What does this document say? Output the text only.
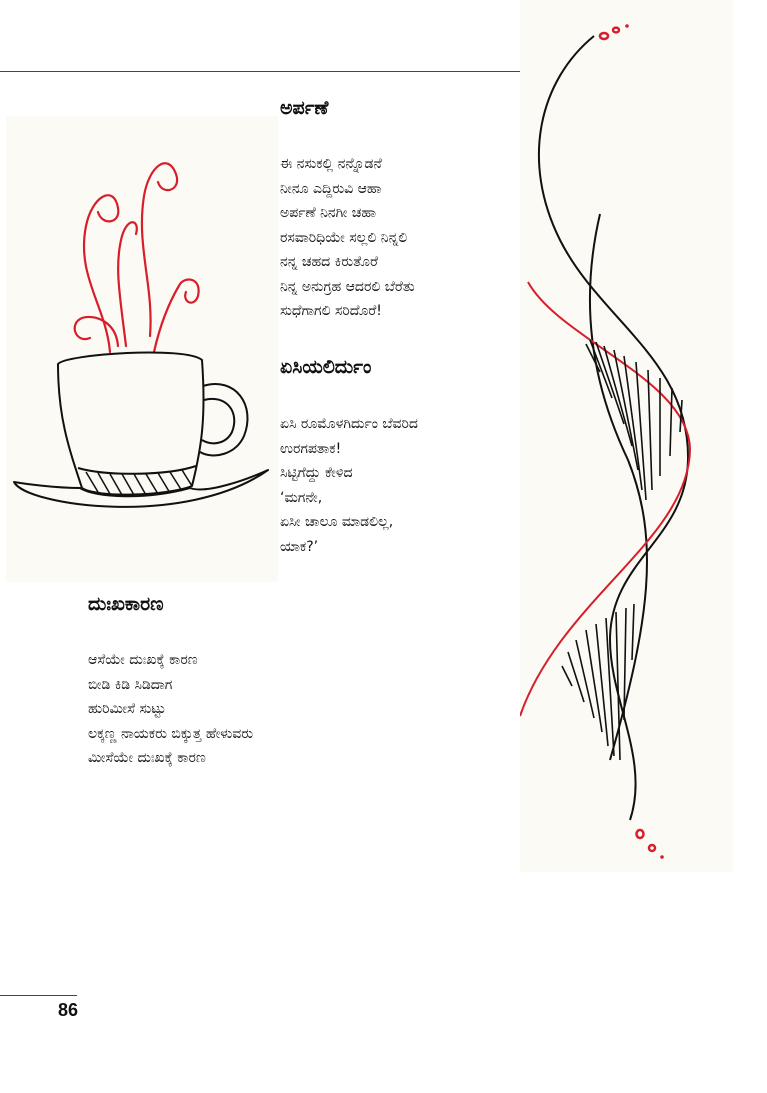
ಅರ್ಪಣೆ
ಈ ನಸುಕಲ್ಲಿ ನನ್ನೊಡನೆ
ನೀನೂ ಎದ್ದಿರುವಿ ಆಹಾ
ಅರ್ಪಣೆ ನಿನಗೀ ಚಹಾ
ರಸವಾರಿಧಿಯೇ ಸಲ್ಲಲಿ ನಿನ್ನಲಿ
ನನ್ನ ಚಹದ ಕಿರುತೊರೆ
ನಿನ್ನ ಅನುಗ್ರಹ ಆದರಲಿ ಬೆರೆತು
ಸುಧೆಗಾಗಲಿ ಸರಿದೊರೆ!
ಏಸಿಯಲಿರ್ದುಂ
ಏಸಿ ರೂಮೊಳಗಿರ್ದುಂ ಬೆವರಿದ
ಉರಗಪತಾಕ!
ಸಿಟ್ಟಿಗೆದ್ದು ಕೇಳಿದ
‘ಮಗನೇ,
ಏಸೀ ಚಾಲೂ ಮಾಡಲಿಲ್ಲ,
ಯಾಕ?’
ದುಃಖಕಾರಣ
ಆಸೆಯೇ ದುಃಖಕ್ಕೆ ಕಾರಣ
ಬೀಡಿ ಕಿಡಿ ಸಿಡಿದಾಗ
ಹುರಿಮೀಸೆ ಸುಟ್ಟು
ಲಕ್ಕಣ್ಣ ನಾಯಕರು ಬಿಕ್ಕುತ್ತ ಹೇಳುವರು
ಮೀಸೆಯೇ ದುಃಖಕ್ಕೆ ಕಾರಣ
86
